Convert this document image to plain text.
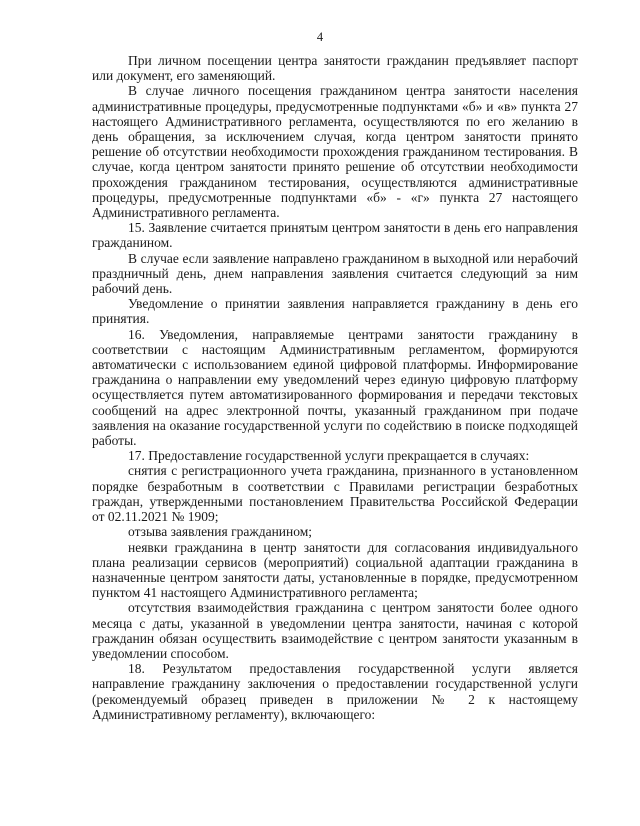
4

При личном посещении центра занятости гражданин предъявляет паспорт или документ, его заменяющий.

В случае личного посещения гражданином центра занятости населения административные процедуры, предусмотренные подпунктами «б» и «в» пункта 27 настоящего Административного регламента, осуществляются по его желанию в день обращения, за исключением случая, когда центром занятости принято решение об отсутствии необходимости прохождения гражданином тестирования. В случае, когда центром занятости принято решение об отсутствии необходимости прохождения гражданином тестирования, осуществляются административные процедуры, предусмотренные подпунктами «б» - «г» пункта 27 настоящего Административного регламента.

15. Заявление считается принятым центром занятости в день его направления гражданином.

В случае если заявление направлено гражданином в выходной или нерабочий праздничный день, днем направления заявления считается следующий за ним рабочий день.

Уведомление о принятии заявления направляется гражданину в день его принятия.

16. Уведомления, направляемые центрами занятости гражданину в соответствии с настоящим Административным регламентом, формируются автоматически с использованием единой цифровой платформы. Информирование гражданина о направлении ему уведомлений через единую цифровую платформу осуществляется путем автоматизированного формирования и передачи текстовых сообщений на адрес электронной почты, указанный гражданином при подаче заявления на оказание государственной услуги по содействию в поиске подходящей работы.

17. Предоставление государственной услуги прекращается в случаях:

снятия с регистрационного учета гражданина, признанного в установленном порядке безработным в соответствии с Правилами регистрации безработных граждан, утвержденными постановлением Правительства Российской Федерации от 02.11.2021 № 1909;

отзыва заявления гражданином;

неявки гражданина в центр занятости для согласования индивидуального плана реализации сервисов (мероприятий) социальной адаптации гражданина в назначенные центром занятости даты, установленные в порядке, предусмотренном пунктом 41 настоящего Административного регламента;

отсутствия взаимодействия гражданина с центром занятости более одного месяца с даты, указанной в уведомлении центра занятости, начиная с которой гражданин обязан осуществить взаимодействие с центром занятости указанным в уведомлении способом.

18. Результатом предоставления государственной услуги является направление гражданину заключения о предоставлении государственной услуги (рекомендуемый образец приведен в приложении № 2 к настоящему Административному регламенту), включающего:
